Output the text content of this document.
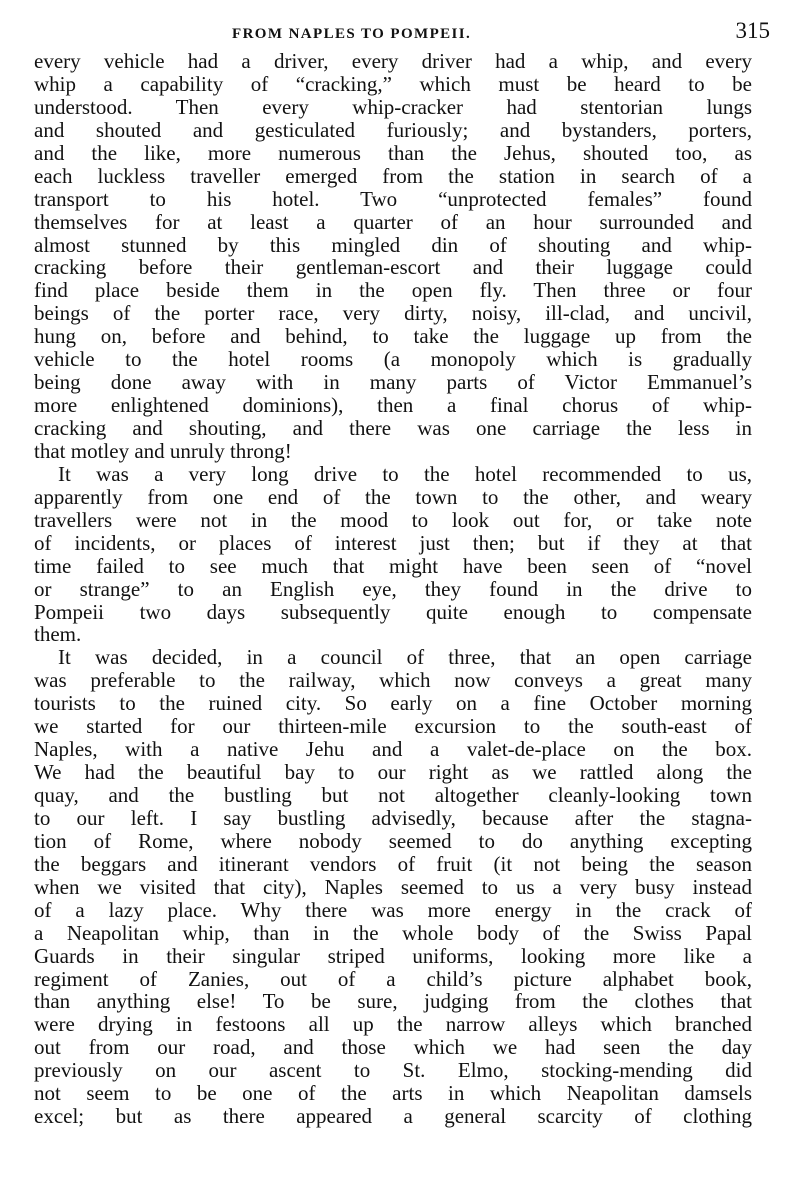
FROM NAPLES TO POMPEII.	315
every vehicle had a driver, every driver had a whip, and every
whip a capability of “cracking,” which must be heard to be
understood. Then every whip-cracker had stentorian lungs
and shouted and gesticulated furiously; and bystanders, porters,
and the like, more numerous than the Jehus, shouted too, as
each luckless traveller emerged from the station in search of a
transport to his hotel. Two “unprotected females” found
themselves for at least a quarter of an hour surrounded and
almost stunned by this mingled din of shouting and whip-
cracking before their gentleman-escort and their luggage could
find place beside them in the open fly. Then three or four
beings of the porter race, very dirty, noisy, ill-clad, and uncivil,
hung on, before and behind, to take the luggage up from the
vehicle to the hotel rooms (a monopoly which is gradually
being done away with in many parts of Victor Emmanuel’s
more enlightened dominions), then a final chorus of whip-
cracking and shouting, and there was one carriage the less in
that motley and unruly throng!
It was a very long drive to the hotel recommended to us,
apparently from one end of the town to the other, and weary
travellers were not in the mood to look out for, or take note
of incidents, or places of interest just then; but if they at that
time failed to see much that might have been seen of “novel
or strange” to an English eye, they found in the drive to
Pompeii two days subsequently quite enough to compensate
them.
It was decided, in a council of three, that an open carriage
was preferable to the railway, which now conveys a great many
tourists to the ruined city. So early on a fine October morning
we started for our thirteen-mile excursion to the south-east of
Naples, with a native Jehu and a valet-de-place on the box.
We had the beautiful bay to our right as we rattled along the
quay, and the bustling but not altogether cleanly-looking town
to our left. I say bustling advisedly, because after the stagna-
tion of Rome, where nobody seemed to do anything excepting
the beggars and itinerant vendors of fruit (it not being the season
when we visited that city), Naples seemed to us a very busy instead
of a lazy place. Why there was more energy in the crack of
a Neapolitan whip, than in the whole body of the Swiss Papal
Guards in their singular striped uniforms, looking more like a
regiment of Zanies, out of a child’s picture alphabet book,
than anything else! To be sure, judging from the clothes that
were drying in festoons all up the narrow alleys which branched
out from our road, and those which we had seen the day
previously on our ascent to St. Elmo, stocking-mending did
not seem to be one of the arts in which Neapolitan damsels
excel; but as there appeared a general scarcity of clothing
